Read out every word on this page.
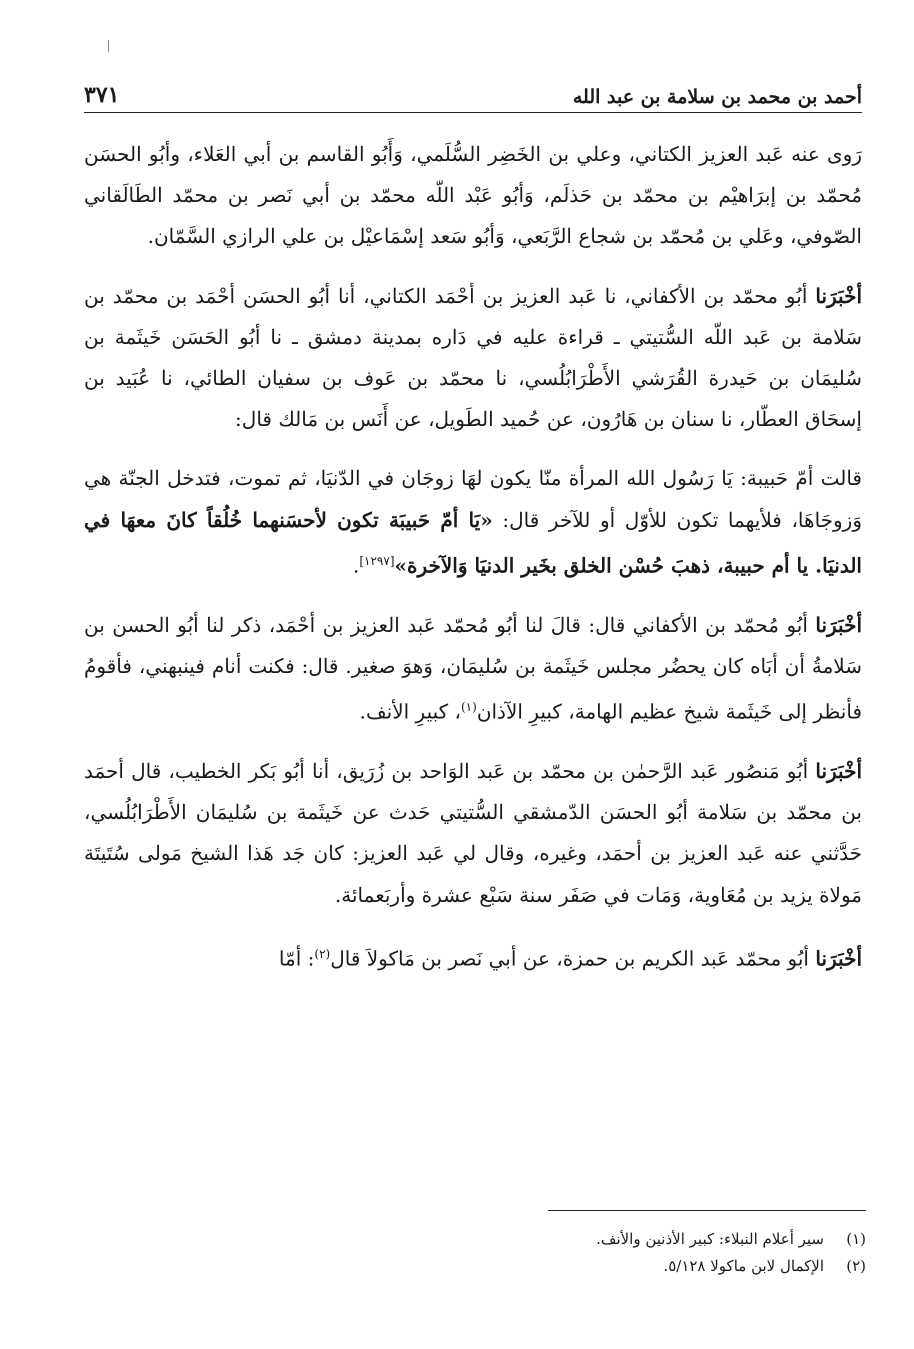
أحمد بن محمد بن سلامة بن عبد الله
٣٧١

رَوى عنه عَبد العزيز الكتاني، وعلي بن الخَضِر السُّلَمي، وَأَبُو القاسم بن أبي العَلاء، وأبُو الحسَن مُحمّد بن إبرَاهيْم بن محمّد بن حَذلَم، وَأبُو عَبْد اللّه محمّد بن أبي نَصر بن محمّد الطَالَقاني الصّوفي، وعَلي بن مُحمّد بن شجاع الرَّبَعي، وَأبُو سَعد إسْمَاعيْل بن علي الرازي السَّمّان.

أخْبَرَنا أبُو محمّد بن الأكفاني، نا عَبد العزيز بن أحْمَد الكتاني، أنا أبُو الحسَن أحْمَد بن محمّد بن سَلامة بن عَبد اللّه السُّتيتي ـ قراءة عليه في دَاره بمدينة دمشق ـ نا أبُو الحَسَن خَيثَمة بن سُليمَان بن حَيدرة القُرَشي الأَطْرَابُلُسي، نا محمّد بن عَوف بن سفيان الطائي، نا عُبَيد بن إسحَاق العطّار، نا سنان بن هَارُون، عن حُميد الطَويل، عن أَنَس بن مَالك قال:

قالت أمّ حَبيبة: يَا رَسُول الله المرأة منّا يكون لهَا زوجَان في الدّنيَا، ثم تموت، فتدخل الجنّة هي وَزوجَاهَا، فلأيهما تكون للأوّل أو للآخر قال: «يَا أمّ حَبيبَة تكون لأحسَنهما خُلُقاً كانَ معهَا في الدنيَا. يا أم حبيبة، ذهبَ حُسْن الخلق بخَير الدنيَا وَالآخرة»[١٢٩٧].

أخْبَرَنا أبُو مُحمّد بن الأكفاني قال: قالَ لنا أبُو مُحمّد عَبد العزيز بن أحْمَد، ذكر لنا أبُو الحسن بن سَلامةُ أن أبَاه كان يحضُر مجلس خَيثَمة بن سُليمَان، وَهوَ صغير. قال: فكنت أنام فينبهني، فأقومُ فأنظر إلى خَيثَمة شيخ عظيم الهامة، كبيرِ الآذان$^{(١)}$، كبيرِ الأنف.

أخْبَرَنا أبُو مَنصُور عَبد الرَّحمٰن بن محمّد بن عَبد الوَاحد بن زُرَيق، أنا أبُو بَكر الخطيب، قال أحمَد بن محمّد بن سَلامة أبُو الحسَن الدّمشقي السُّتيتي حَدث عن خَيثَمة بن سُليمَان الأَطْرَابُلُسي، حَدَّثني عنه عَبد العزيز بن أحمَد، وغيره، وقال لي عَبد العزيز: كان جَد هَذا الشيخ مَولى سُتَيتَة مَولاة يزيد بن مُعَاوية، وَمَات في صَفَر سنة سَبْع عشرة وأربَعمائة.

أخْبَرَنا أبُو محمّد عَبد الكريم بن حمزة، عن أبي نَصر بن مَاكولاَ قال$^{(٢)}$: أمّا

(١)
سير أعلام النبلاء: كبير الأذنين والأنف.
(٢)
الإكمال لابن ماكولا ٥/١٢٨.
